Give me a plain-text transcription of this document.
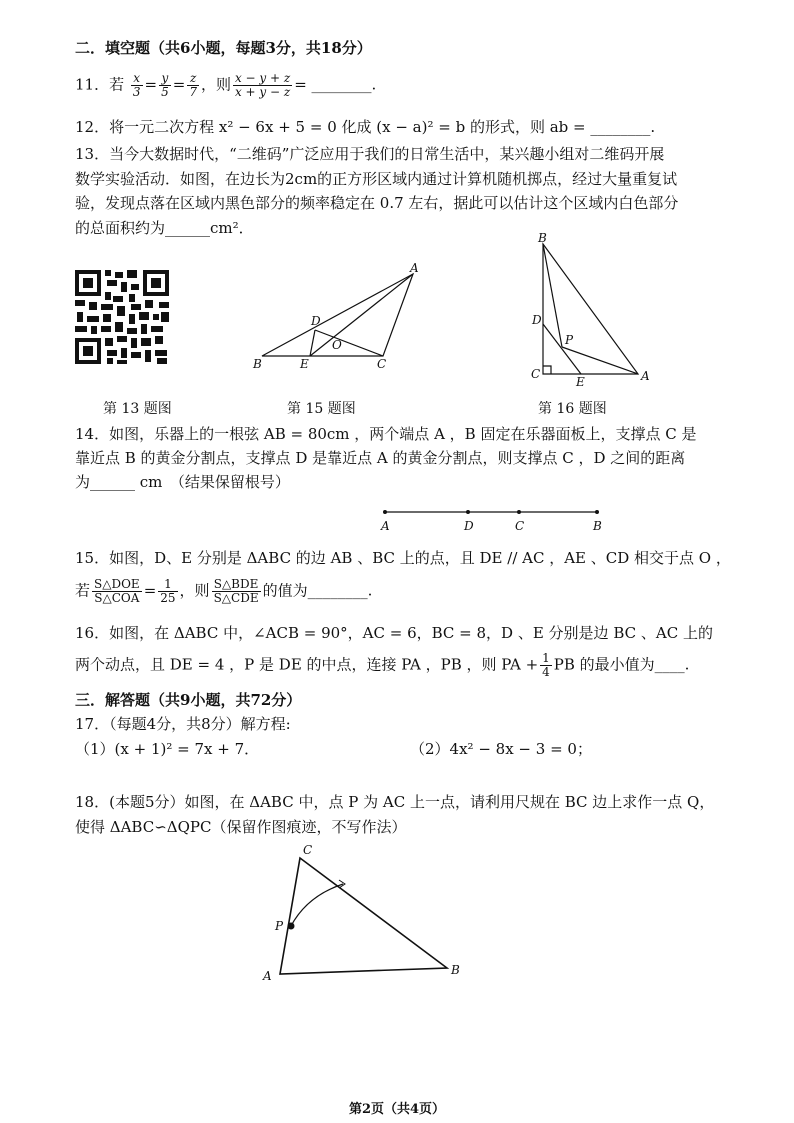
二．填空题（共6小题，每题3分，共18分）
11．若 $\frac{x}{3} = \frac{y}{5} = \frac{z}{7}$ ，则 $\frac{x - y + z}{x + y - z}$ = ________.
12．将一元二次方程 x² − 6x + 5 = 0 化成 (x − a)² = b 的形式，则 ab = ________.
13．当今大数据时代，“二维码”广泛应用于我们的日常生活中，某兴趣小组对二维码开展
数学实验活动．如图，在边长为2cm的正方形区域内通过计算机随机掷点，经过大量重复试
验，发现点落在区域内黑色部分的频率稳定在 0.7 左右，据此可以估计这个区域内白色部分
的总面积约为______cm²．
A
B	C
D
E
O
B
C	A
D
E
P
第 13 题图	第 15 题图	第 16 题图
14．如图，乐器上的一根弦 AB = 80cm ，两个端点 A ，B 固定在乐器面板上，支撑点 C 是
靠近点 B 的黄金分割点，支撑点 D 是靠近点 A 的黄金分割点，则支撑点 C ，D 之间的距离
为______ cm　（结果保留根号）
A	D	C	B
15．如图，D、E 分别是 ΔABC 的边 AB 、BC 上的点，且 DE // AC ，AE 、CD 相交于点 O ，
若 $\frac{\text{S△DOE}}{\text{S△COA}} = \frac{1}{25}$ ，则 $\frac{\text{S△BDE}}{\text{S△CDE}}$ 的值为________.
16．如图，在 ΔABC 中，∠ACB = 90°，AC = 6，BC = 8，D 、E 分别是边 BC 、AC 上的
两个动点，且 DE = 4 ，P 是 DE 的中点，连接 PA ，PB ，则 PA + $\frac{1}{4}$ PB 的最小值为____.
三．解答题（共9小题，共72分）
17．（每题4分，共8分）解方程:
（1）(x + 1)² = 7x + 7．	（2）4x² − 8x − 3 = 0；
18．(本题5分）如图，在 ΔABC 中，点 P 为 AC 上一点，请利用尺规在 BC 边上求作一点 Q，
使得 ΔABC∽ΔQPC（保留作图痕迹，不写作法）
C
A	B
P
第2页（共4页）
